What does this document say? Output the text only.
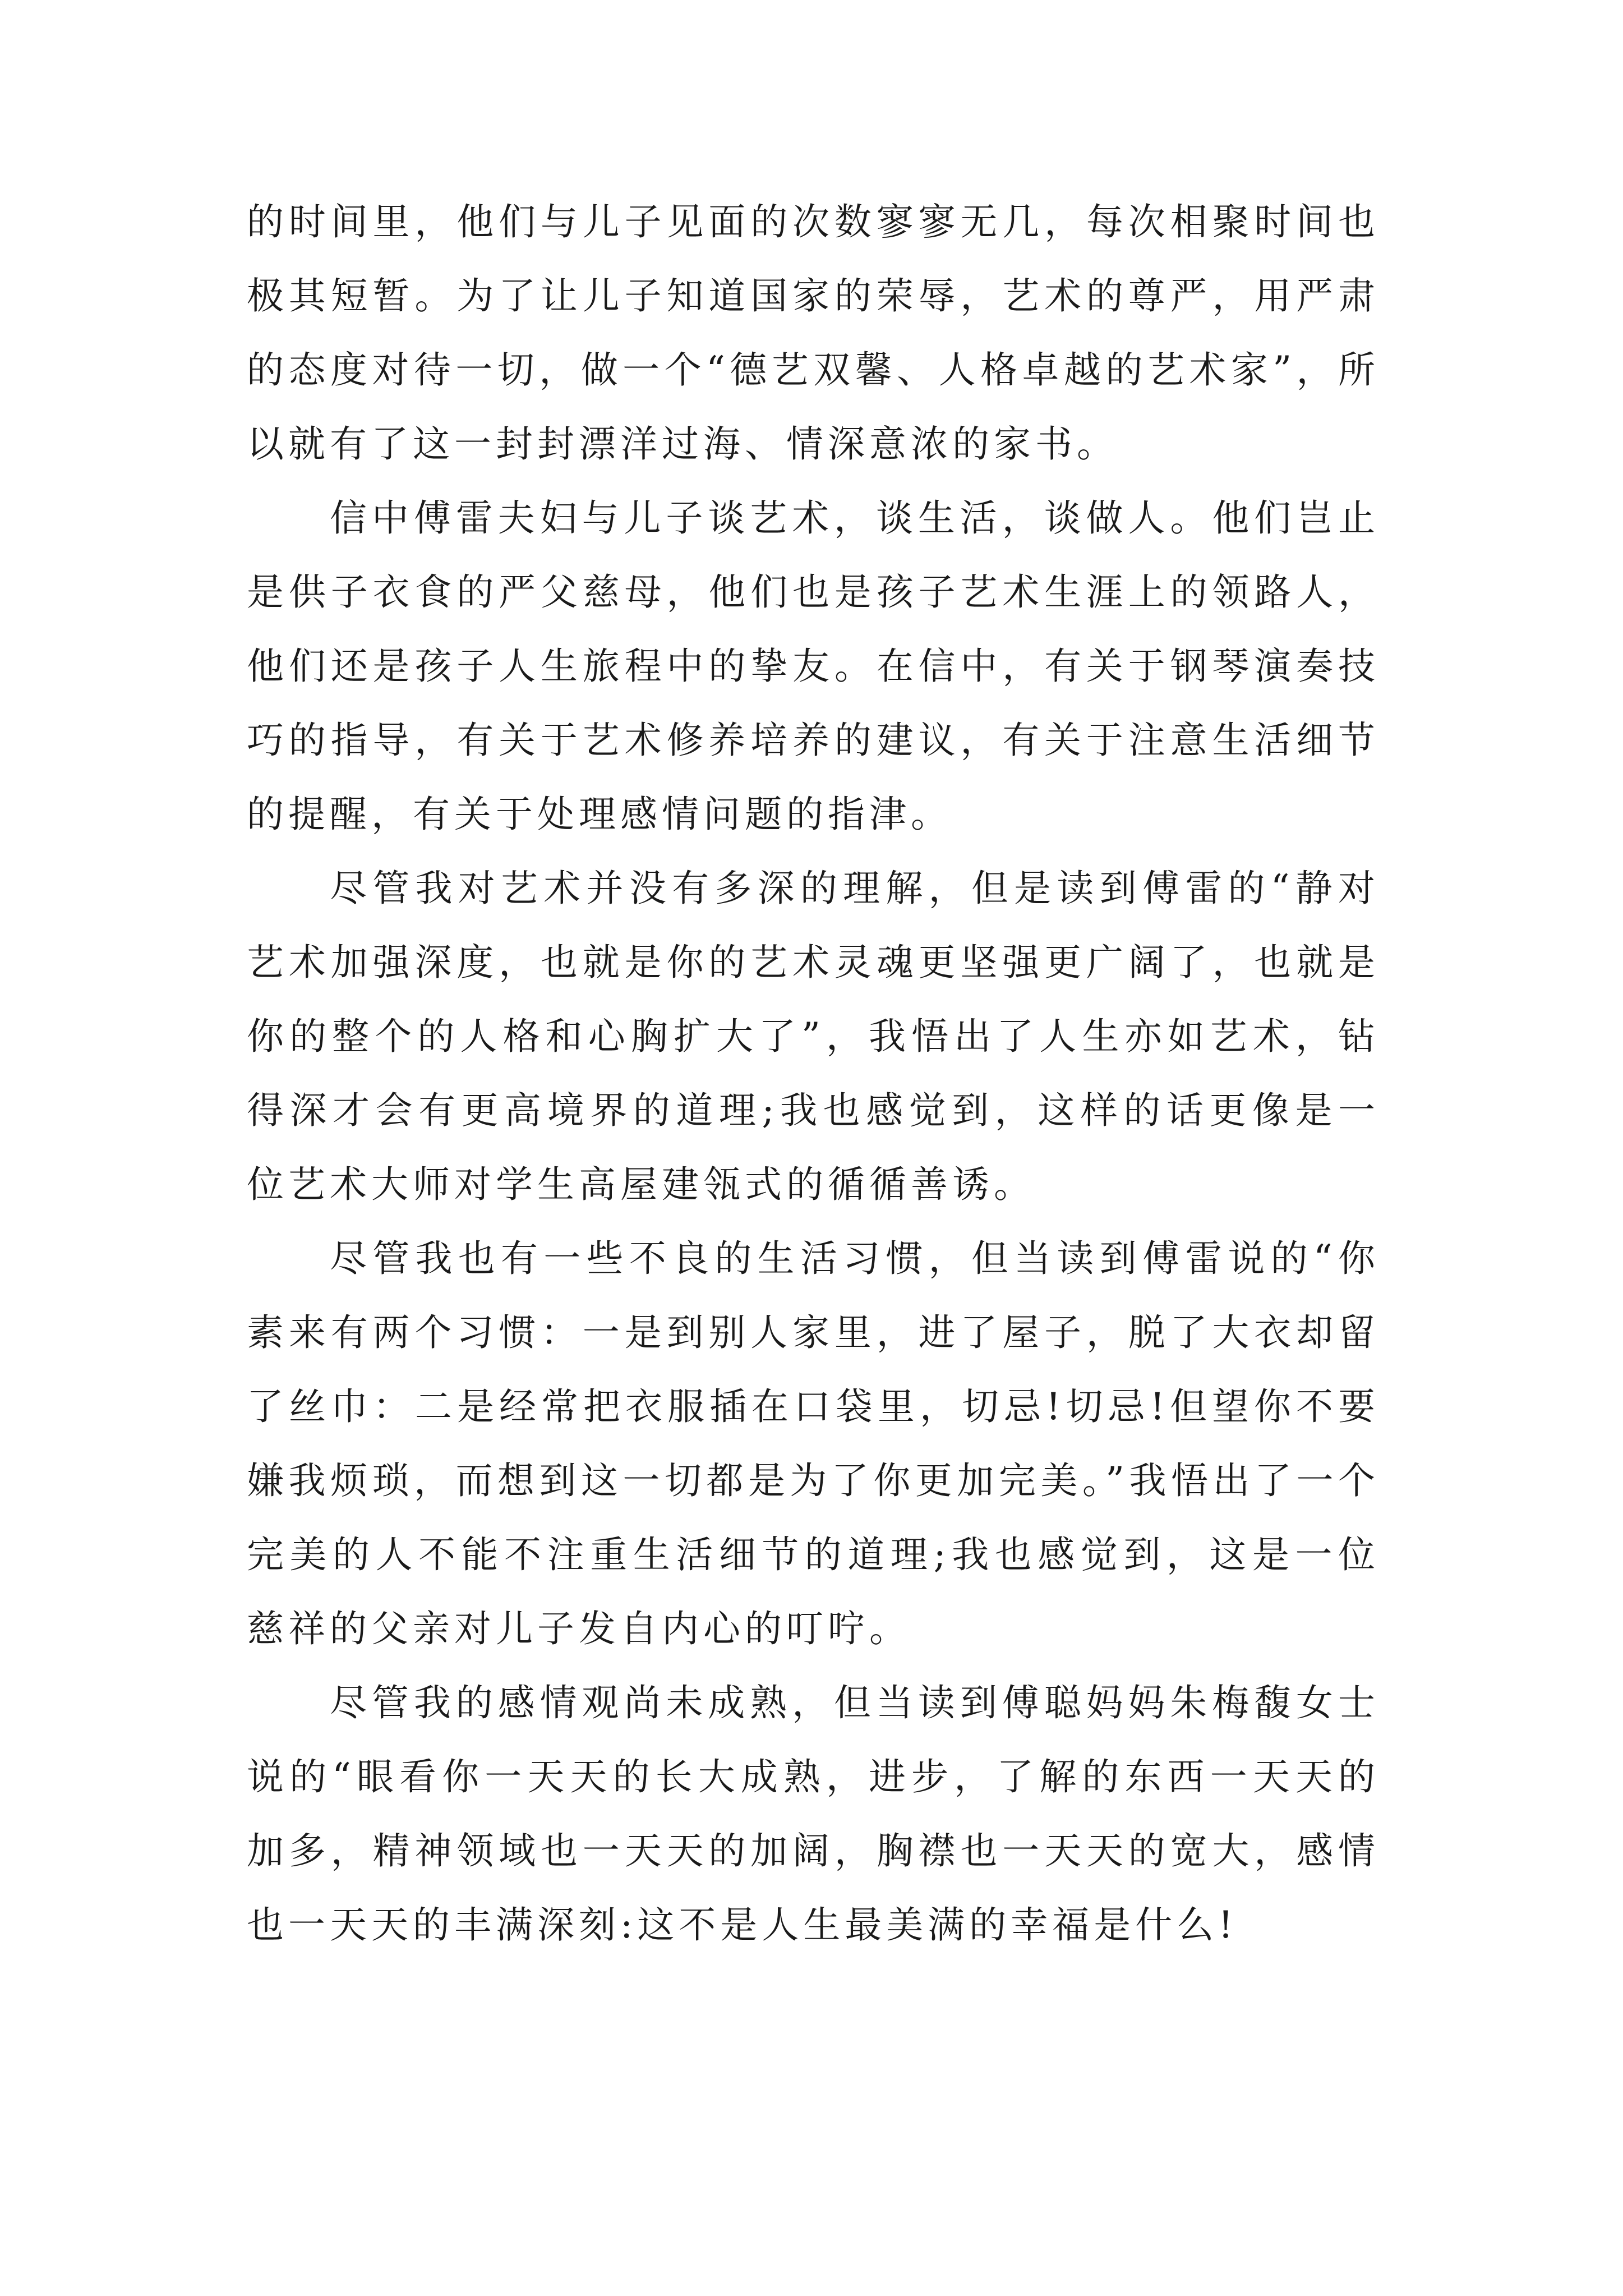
的时间里，他们与儿子见面的次数寥寥无几，每次相聚时间也极其短暂。为了让儿子知道国家的荣辱，艺术的尊严，用严肃的态度对待一切，做一个“德艺双馨、人格卓越的艺术家”，所以就有了这一封封漂洋过海、情深意浓的家书。

信中傅雷夫妇与儿子谈艺术，谈生活，谈做人。他们岂止是供子衣食的严父慈母，他们也是孩子艺术生涯上的领路人，他们还是孩子人生旅程中的挚友。在信中，有关于钢琴演奏技巧的指导，有关于艺术修养培养的建议，有关于注意生活细节的提醒，有关于处理感情问题的指津。

尽管我对艺术并没有多深的理解，但是读到傅雷的“静对艺术加强深度，也就是你的艺术灵魂更坚强更广阔了，也就是你的整个的人格和心胸扩大了”，我悟出了人生亦如艺术，钻得深才会有更高境界的道理;我也感觉到，这样的话更像是一位艺术大师对学生高屋建瓴式的循循善诱。

尽管我也有一些不良的生活习惯，但当读到傅雷说的“你素来有两个习惯：一是到别人家里，进了屋子，脱了大衣却留了丝巾：二是经常把衣服插在口袋里，切忌!切忌!但望你不要嫌我烦琐，而想到这一切都是为了你更加完美。”我悟出了一个完美的人不能不注重生活细节的道理;我也感觉到，这是一位慈祥的父亲对儿子发自内心的叮咛。

尽管我的感情观尚未成熟，但当读到傅聪妈妈朱梅馥女士说的“眼看你一天天的长大成熟，进步，了解的东西一天天的加多，精神领域也一天天的加阔，胸襟也一天天的宽大，感情也一天天的丰满深刻:这不是人生最美满的幸福是什么!
